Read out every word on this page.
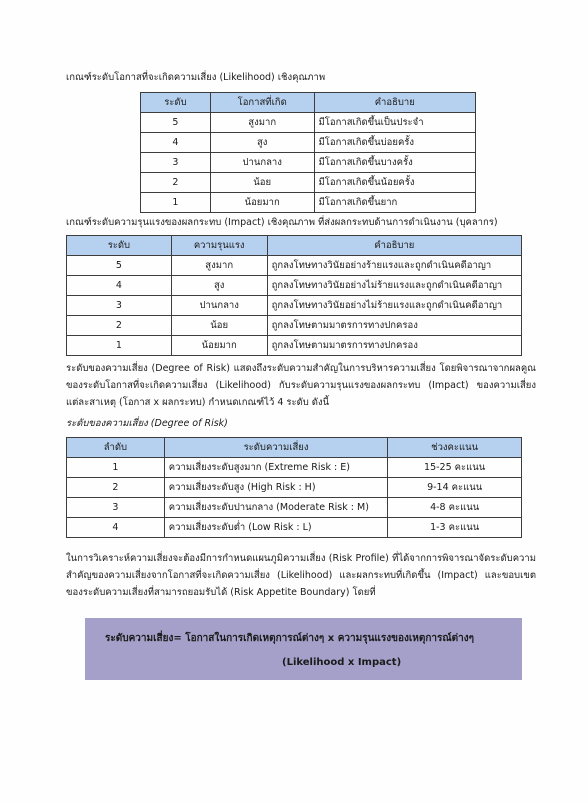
เกณฑ์ระดับโอกาสที่จะเกิดความเสี่ยง (Likelihood) เชิงคุณภาพ
ระดับ	โอกาสที่เกิด	คำอธิบาย
5	สูงมาก	มีโอกาสเกิดขึ้นเป็นประจำ
4	สูง	มีโอกาสเกิดขึ้นบ่อยครั้ง
3	ปานกลาง	มีโอกาสเกิดขึ้นบางครั้ง
2	น้อย	มีโอกาสเกิดขึ้นน้อยครั้ง
1	น้อยมาก	มีโอกาสเกิดขึ้นยาก
เกณฑ์ระดับความรุนแรงของผลกระทบ (Impact) เชิงคุณภาพ ที่ส่งผลกระทบด้านการดำเนินงาน (บุคลากร)
ระดับ	ความรุนแรง	คำอธิบาย
5	สูงมาก	ถูกลงโทษทางวินัยอย่างร้ายแรงและถูกดำเนินคดีอาญา
4	สูง	ถูกลงโทษทางวินัยอย่างไม่ร้ายแรงและถูกดำเนินคดีอาญา
3	ปานกลาง	ถูกลงโทษทางวินัยอย่างไม่ร้ายแรงและถูกดำเนินคดีอาญา
2	น้อย	ถูกลงโทษตามมาตรการทางปกครอง
1	น้อยมาก	ถูกลงโทษตามมาตรการทางปกครอง
ระดับของความเสี่ยง (Degree of Risk) แสดงถึงระดับความสำคัญในการบริหารความเสี่ยง โดยพิจารณาจากผลคูณของระดับโอกาสที่จะเกิดความเสี่ยง (Likelihood) กับระดับความรุนแรงของผลกระทบ (Impact) ของความเสี่ยงแต่ละสาเหตุ (โอกาส x ผลกระทบ) กำหนดเกณฑ์ไว้ 4 ระดับ ดังนี้
ระดับของความเสี่ยง (Degree of Risk)
ลำดับ	ระดับความเสี่ยง	ช่วงคะแนน
1	ความเสี่ยงระดับสูงมาก (Extreme Risk : E)	15-25 คะแนน
2	ความเสี่ยงระดับสูง (High Risk : H)	9-14 คะแนน
3	ความเสี่ยงระดับปานกลาง (Moderate Risk : M)	4-8 คะแนน
4	ความเสี่ยงระดับต่ำ (Low Risk : L)	1-3 คะแนน
ในการวิเคราะห์ความเสี่ยงจะต้องมีการกำหนดแผนภูมิความเสี่ยง (Risk Profile) ที่ได้จากการพิจารณาจัดระดับความสำคัญของความเสี่ยงจากโอกาสที่จะเกิดความเสี่ยง (Likelihood) และผลกระทบที่เกิดขึ้น (Impact) และขอบเขตของระดับความเสี่ยงที่สามารถยอมรับได้ (Risk Appetite Boundary) โดยที่
ระดับความเสี่ยง= โอกาสในการเกิดเหตุการณ์ต่างๆ x ความรุนแรงของเหตุการณ์ต่างๆ
(Likelihood x Impact)
